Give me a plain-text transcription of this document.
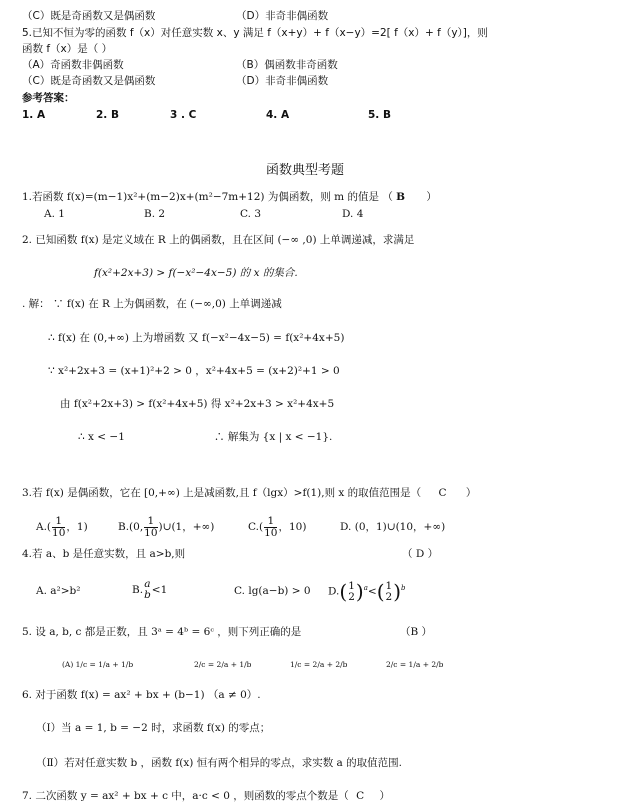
（C）既是奇函数又是偶函数	（D）非奇非偶函数
5.已知不恒为零的函数 f（x）对任意实数 x、y 满足 f（x+y）+ f（x−y）=2[ f（x）+ f（y）]，则
函数 f（x）是（ ）
（A）奇函数非偶函数	（B）偶函数非奇函数
（C）既是奇函数又是偶函数	（D）非奇非偶函数
参考答案：
1. A	2. B	3 . C	4. A	5. B
函数典型考题
1.若函数 f(x)=(m−1)x²+(m−2)x+(m²−7m+12) 为偶函数，则 m 的值是 （ B ）
A. 1	B. 2	C. 3	D. 4
2. 已知函数 f(x) 是定义域在 R 上的偶函数，且在区间 (−∞ ,0) 上单调递减，求满足
f(x²+2x+3) > f(−x²−4x−5) 的 x 的集合.
. 解： ∵ f(x) 在 R 上为偶函数，在 (−∞,0) 上单调递减
∴ f(x) 在 (0,+∞) 上为增函数 又 f(−x²−4x−5) = f(x²+4x+5)
∵ x²+2x+3 = (x+1)²+2 > 0 ，x²+4x+5 = (x+2)²+1 > 0
由 f(x²+2x+3) > f(x²+4x+5) 得 x²+2x+3 > x²+4x+5
∴ x < −1	∴ 解集为 {x | x < −1}.
3.若 f(x) 是偶函数，它在 [0,+∞) 上是减函数,且 f（lgx）>f(1),则 x 的取值范围是（ C ）
$A.( \frac{1}{10}$ ，1)	B.(0, $\frac{1}{10}$ )∪(1，+∞)	$C.( \frac{1}{10}$ ，10)	D. (0，1)∪(10，+∞)
4.若 a、b 是任意实数，且 a>b,则	（ D ）
A. a²>b²	B. a
b <1	C. lg(a−b) > 0 D.( 1
2 )$^a$<( 1
2 )$^b$
5. 设 a, b, c 都是正数，且 3ᵃ = 4ᵇ = 6ᶜ ，则下列正确的是	（B ）
(A) 1/c = 1/a + 1/b	2/c = 2/a + 1/b	1/c = 2/a + 2/b	2/c = 1/a + 2/b
6. 对于函数 f(x) = ax² + bx + (b−1) （a ≠ 0）.
（Ⅰ）当 a = 1, b = −2 时，求函数 f(x) 的零点；
（Ⅱ）若对任意实数 b ，函数 f(x) 恒有两个相异的零点，求实数 a 的取值范围.
7. 二次函数 y = ax² + bx + c 中，a·c < 0 ，则函数的零点个数是（ C ）
